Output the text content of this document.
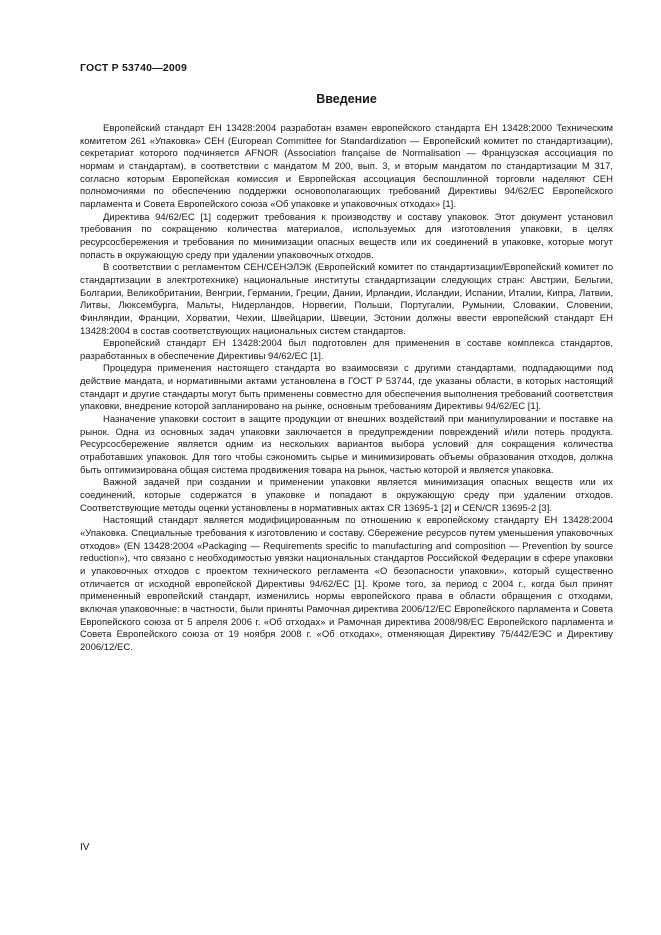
ГОСТ Р 53740—2009
Введение

Европейский стандарт ЕН 13428:2004 разработан взамен европейского стандарта ЕН 13428:2000 Техническим комитетом 261 «Упаковка» CEH (European Committee for Standardization — Европейский комитет по стандартизации), секретариат которого подчиняется AFNOR (Association française de Normalisation — Французская ассоциация по нормам и стандартам), в соответствии с мандатом М 200, вып. 3, и вторым мандатом по стандартизации М 317, согласно которым Европейская комиссия и Европейская ассоциация беспошлинной торговли наделяют CEH полномочиями по обеспечению поддержки основополагающих требований Директивы 94/62/ЕС Европейского парламента и Совета Европейского союза «Об упаковке и упаковочных отходах» [1].

Директива 94/62/ЕС [1] содержит требования к производству и составу упаковок. Этот документ установил требования по сокращению количества материалов, используемых для изготовления упаковки, в целях ресурсосбережения и требования по минимизации опасных веществ или их соединений в упаковке, которые могут попасть в окружающую среду при удалении упаковочных отходов.

В соответствии с регламентом CEH/CEHЭЛЭК (Европейский комитет по стандартизации/Европейский комитет по стандартизации в электротехнике) национальные институты стандартизации следующих стран: Австрии, Бельгии, Болгарии, Великобритании, Венгрии, Германии, Греции, Дании, Ирландии, Исландии, Испании, Италии, Кипра, Латвии, Литвы, Люксембурга, Мальты, Нидерландов, Норвегии, Польши, Португалии, Румынии, Словакии, Словении, Финляндии, Франции, Хорватии, Чехии, Швейцарии, Швеции, Эстонии должны ввести европейский стандарт ЕН 13428:2004 в состав соответствующих национальных систем стандартов.

Европейский стандарт ЕН 13428:2004 был подготовлен для применения в составе комплекса стандартов, разработанных в обеспечение Директивы 94/62/ЕС [1].

Процедура применения настоящего стандарта во взаимосвязи с другими стандартами, подпадающими под действие мандата, и нормативными актами установлена в ГОСТ Р 53744, где указаны области, в которых настоящий стандарт и другие стандарты могут быть применены совместно для обеспечения выполнения требований соответствия упаковки, внедрение которой запланировано на рынке, основным требованиям Директивы 94/62/ЕС [1].

Назначение упаковки состоит в защите продукции от внешних воздействий при манипулировании и поставке на рынок. Одна из основных задач упаковки заключается в предупреждении повреждений и/или потерь продукта. Ресурсосбережение является одним из нескольких вариантов выбора условий для сокращения количества отработавших упаковок. Для того чтобы сэкономить сырье и минимизировать объемы образования отходов, должна быть оптимизирована общая система продвижения товара на рынок, частью которой и является упаковка.

Важной задачей при создании и применении упаковки является минимизация опасных веществ или их соединений, которые содержатся в упаковке и попадают в окружающую среду при удалении отходов. Соответствующие методы оценки установлены в нормативных актах CR 13695-1 [2] и CEN/CR 13695-2 [3].

Настоящий стандарт является модифицированным по отношению к европейскому стандарту ЕН 13428:2004 «Упаковка. Специальные требования к изготовлению и составу. Сбережение ресурсов путем уменьшения упаковочных отходов» (EN 13428:2004 «Packaging — Requirements specific to manufacturing and composition — Prevention by source reduction»), что связано с необходимостью увязки национальных стандартов Российской Федерации в сфере упаковки и упаковочных отходов с проектом технического регламента «О безопасности упаковки», который существенно отличается от исходной европейской Директивы 94/62/ЕС [1]. Кроме того, за период с 2004 г., когда был принят примененный европейский стандарт, изменились нормы европейского права в области обращения с отходами, включая упаковочные: в частности, были приняты Рамочная директива 2006/12/ЕС Европейского парламента и Совета Европейского союза от 5 апреля 2006 г. «Об отходах» и Рамочная директива 2008/98/ЕС Европейского парламента и Совета Европейского союза от 19 ноября 2008 г. «Об отходах», отменяющая Директиву 75/442/ЕЭС и Директиву 2006/12/ЕС.

IV
